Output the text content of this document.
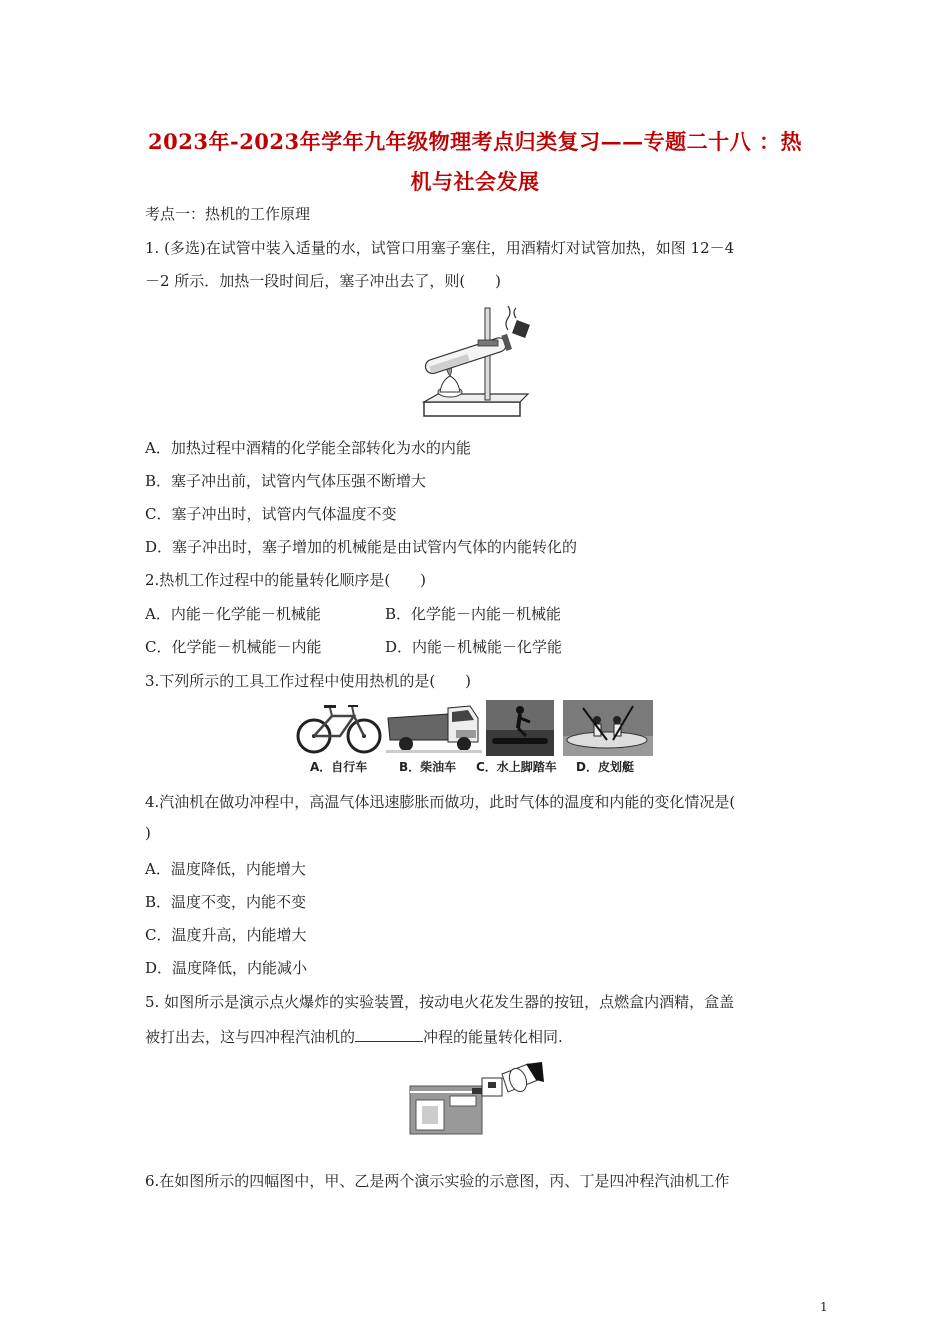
2023年-2023年学年九年级物理考点归类复习——专题二十八 ：热
机与社会发展
考点一：热机的工作原理
1. (多选)在试管中装入适量的水，试管口用塞子塞住，用酒精灯对试管加热，如图 12－4
－2 所示．加热一段时间后，塞子冲出去了，则(　　)
A．加热过程中酒精的化学能全部转化为水的内能
B．塞子冲出前，试管内气体压强不断增大
C．塞子冲出时，试管内气体温度不变
D．塞子冲出时，塞子增加的机械能是由试管内气体的内能转化的
2.热机工作过程中的能量转化顺序是(　　)
A．内能－化学能－机械能	B．化学能－内能－机械能
C．化学能－机械能－内能	D．内能－机械能－化学能
3.下列所示的工具工作过程中使用热机的是(　　)
A．自行车	B．柴油车 C．水上脚踏车 D．皮划艇
4.汽油机在做功冲程中，高温气体迅速膨胀而做功，此时气体的温度和内能的变化情况是(
)
A．温度降低，内能增大
B．温度不变，内能不变
C．温度升高，内能增大
D．温度降低，内能减小
5. 如图所示是演示点火爆炸的实验装置，按动电火花发生器的按钮，点燃盒内酒精，盒盖
被打出去，这与四冲程汽油机的	冲程的能量转化相同.
6.在如图所示的四幅图中，甲、乙是两个演示实验的示意图，丙、丁是四冲程汽油机工作
1
